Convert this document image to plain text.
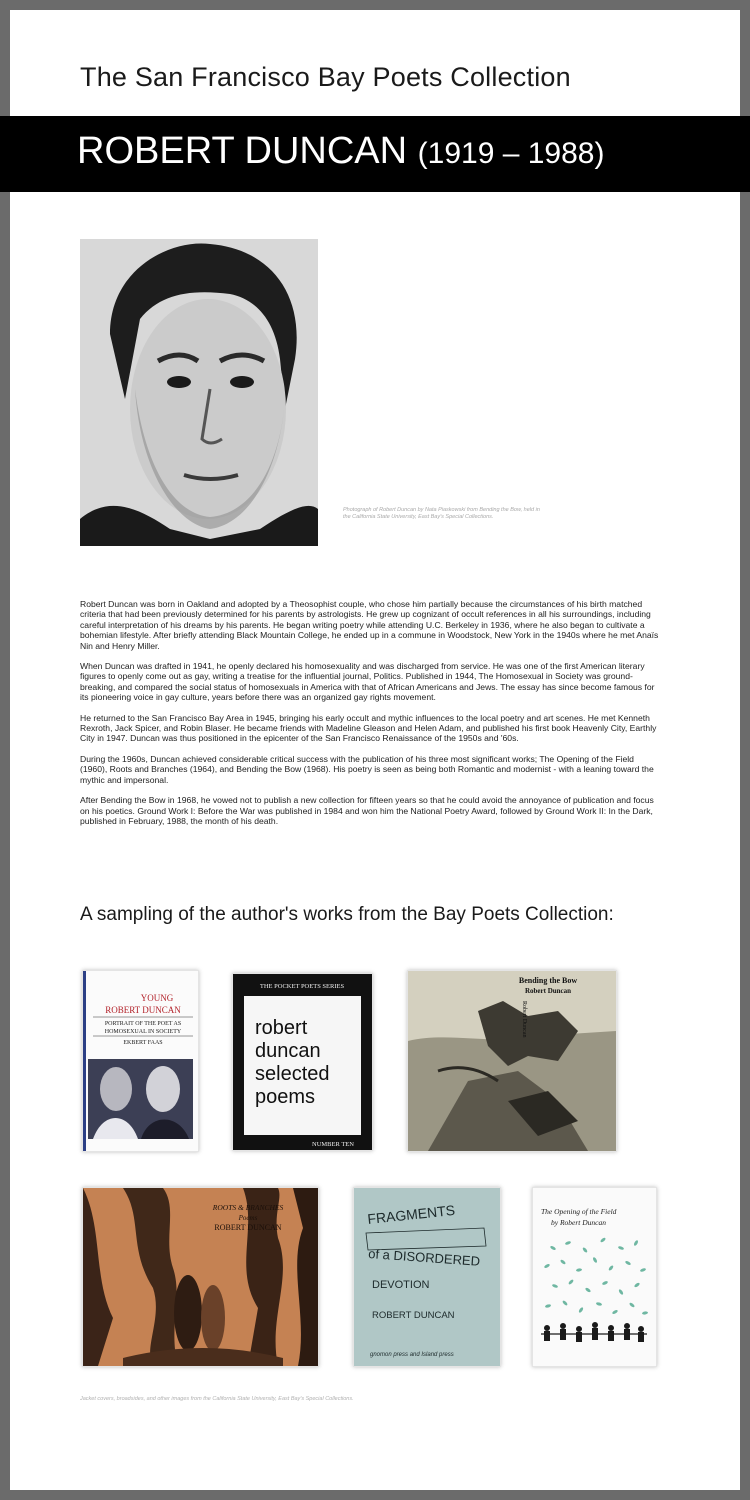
The San Francisco Bay Poets Collection
ROBERT DUNCAN (1919 – 1988)
Photograph of Robert Duncan by Nata Piaskowski from Bending the Bow, held in the California State University, East Bay's Special Collections.

Robert Duncan was born in Oakland and adopted by a Theosophist couple, who chose him partially because the circumstances of his birth matched criteria that had been previously determined for his parents by astrologists. He grew up cognizant of occult references in all his surroundings, including careful interpretation of his dreams by his parents. He began writing poetry while attending U.C. Berkeley in 1936, where he also began to cultivate a bohemian lifestyle. After briefly attending Black Mountain College, he ended up in a commune in Woodstock, New York in the 1940s where he met Anaïs Nin and Henry Miller.

When Duncan was drafted in 1941, he openly declared his homosexuality and was discharged from service. He was one of the first American literary figures to openly come out as gay, writing a treatise for the influential journal, Politics. Published in 1944, The Homosexual in Society was ground-breaking, and compared the social status of homosexuals in America with that of African Americans and Jews. The essay has since become famous for its pioneering voice in gay culture, years before there was an organized gay rights movement.

He returned to the San Francisco Bay Area in 1945, bringing his early occult and mythic influences to the local poetry and art scenes. He met Kenneth Rexroth, Jack Spicer, and Robin Blaser. He became friends with Madeline Gleason and Helen Adam, and published his first book Heavenly City, Earthly City in 1947. Duncan was thus positioned in the epicenter of the San Francisco Renaissance of the 1950s and '60s.

During the 1960s, Duncan achieved considerable critical success with the publication of his three most significant works; The Opening of the Field (1960), Roots and Branches (1964), and Bending the Bow (1968). His poetry is seen as being both Romantic and modernist - with a leaning toward the mythic and impersonal.

After Bending the Bow in 1968, he vowed not to publish a new collection for fifteen years so that he could avoid the annoyance of publication and focus on his poetics. Ground Work I: Before the War was published in 1984 and won him the National Poetry Award, followed by Ground Work II: In the Dark, published in February, 1988, the month of his death.

A sampling of the author's works from the Bay Poets Collection:
YOUNG
ROBERT DUNCAN
PORTRAIT OF THE POET AS
HOMOSEXUAL IN SOCIETY
EKBERT FAAS
THE POCKET POETS SERIES
robert
duncan
selected
poems
NUMBER TEN
Bending the Bow
Robert Duncan
Robert Duncan
ROOTS & BRANCHES
Poems
ROBERT DUNCAN
FRAGMENTS
of a DISORDERED
DEVOTION
ROBERT DUNCAN
gnomon press and Island press
The Opening of the Field
by Robert Duncan
Jacket covers, broadsides, and other images from the California State University, East Bay's Special Collections.
